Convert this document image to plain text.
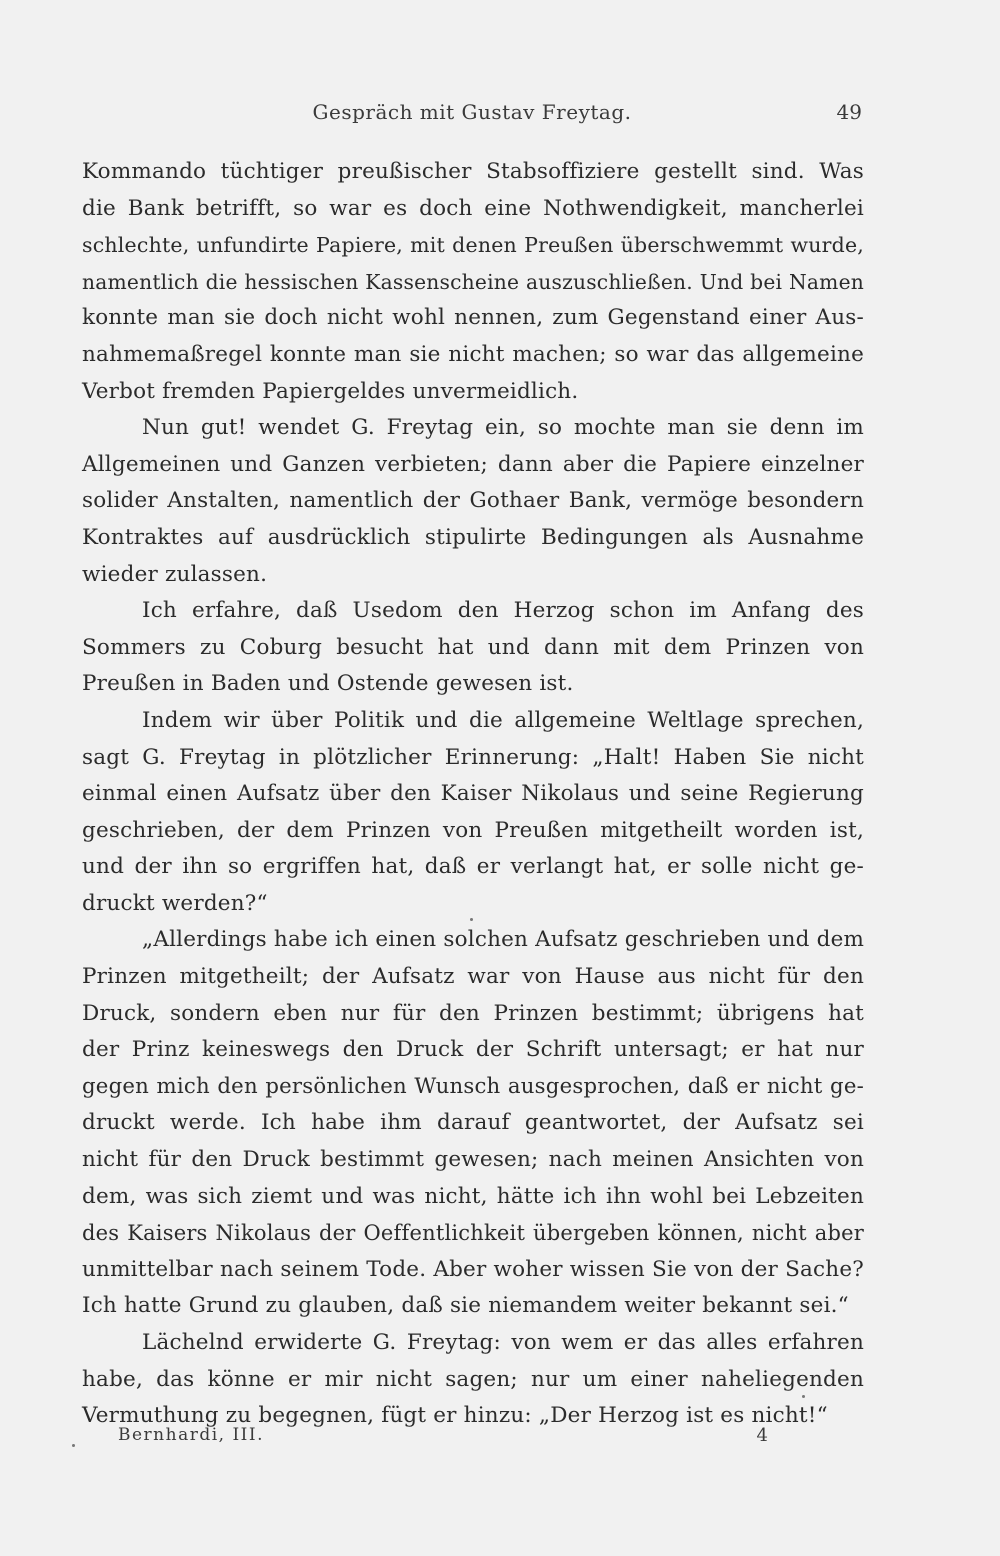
Gespräch mit Gustav Freytag.	49
Kommando tüchtiger preußischer Stabsoffiziere gestellt sind. Was
die Bank betrifft, so war es doch eine Nothwendigkeit, mancherlei
schlechte, unfundirte Papiere, mit denen Preußen überschwemmt wurde,
namentlich die hessischen Kassenscheine auszuschließen. Und bei Namen
konnte man sie doch nicht wohl nennen, zum Gegenstand einer Aus-
nahmemaßregel konnte man sie nicht machen; so war das allgemeine
Verbot fremden Papiergeldes unvermeidlich.
Nun gut! wendet G. Freytag ein, so mochte man sie denn im
Allgemeinen und Ganzen verbieten; dann aber die Papiere einzelner
solider Anstalten, namentlich der Gothaer Bank, vermöge besondern
Kontraktes auf ausdrücklich stipulirte Bedingungen als Ausnahme
wieder zulassen.
Ich erfahre, daß Usedom den Herzog schon im Anfang des
Sommers zu Coburg besucht hat und dann mit dem Prinzen von
Preußen in Baden und Ostende gewesen ist.
Indem wir über Politik und die allgemeine Weltlage sprechen,
sagt G. Freytag in plötzlicher Erinnerung: „Halt! Haben Sie nicht
einmal einen Aufsatz über den Kaiser Nikolaus und seine Regierung
geschrieben, der dem Prinzen von Preußen mitgetheilt worden ist,
und der ihn so ergriffen hat, daß er verlangt hat, er solle nicht ge-
druckt werden?“
„Allerdings habe ich einen solchen Aufsatz geschrieben und dem
Prinzen mitgetheilt; der Aufsatz war von Hause aus nicht für den
Druck, sondern eben nur für den Prinzen bestimmt; übrigens hat
der Prinz keineswegs den Druck der Schrift untersagt; er hat nur
gegen mich den persönlichen Wunsch ausgesprochen, daß er nicht ge-
druckt werde. Ich habe ihm darauf geantwortet, der Aufsatz sei
nicht für den Druck bestimmt gewesen; nach meinen Ansichten von
dem, was sich ziemt und was nicht, hätte ich ihn wohl bei Lebzeiten
des Kaisers Nikolaus der Oeffentlichkeit übergeben können, nicht aber
unmittelbar nach seinem Tode. Aber woher wissen Sie von der Sache?
Ich hatte Grund zu glauben, daß sie niemandem weiter bekannt sei.“
Lächelnd erwiderte G. Freytag: von wem er das alles erfahren
habe, das könne er mir nicht sagen; nur um einer naheliegenden
Vermuthung zu begegnen, fügt er hinzu: „Der Herzog ist es nicht!“
Bernhardi, III.	4
